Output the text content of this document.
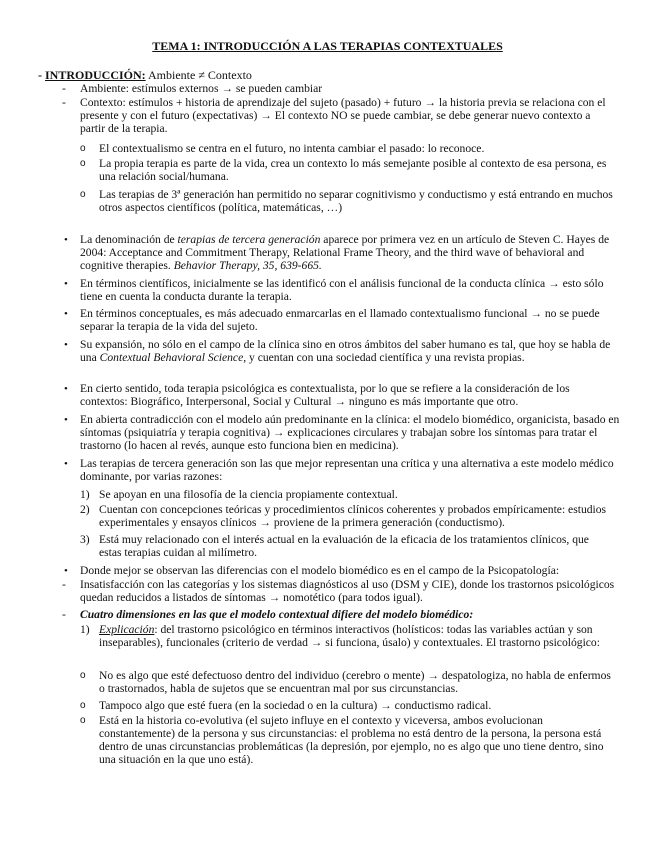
TEMA 1: INTRODUCCIÓN A LAS TERAPIAS CONTEXTUALES
- INTRODUCCIÓN: Ambiente ≠ Contexto
- Ambiente: estímulos externos → se pueden cambiar
- Contexto: estímulos + historia de aprendizaje del sujeto (pasado) + futuro → la historia previa se relaciona con el presente y con el futuro (expectativas) → El contexto NO se puede cambiar, se debe generar nuevo contexto a partir de la terapia.
o El contextualismo se centra en el futuro, no intenta cambiar el pasado: lo reconoce.
o La propia terapia es parte de la vida, crea un contexto lo más semejante posible al contexto de esa persona, es una relación social/humana.
o Las terapias de 3ª generación han permitido no separar cognitivismo y conductismo y está entrando en muchos otros aspectos científicos (política, matemáticas, …)
• La denominación de terapias de tercera generación aparece por primera vez en un artículo de Steven C. Hayes de 2004: Acceptance and Commitment Therapy, Relational Frame Theory, and the third wave of behavioral and cognitive therapies. Behavior Therapy, 35, 639-665.
• En términos científicos, inicialmente se las identificó con el análisis funcional de la conducta clínica → esto sólo tiene en cuenta la conducta durante la terapia.
• En términos conceptuales, es más adecuado enmarcarlas en el llamado contextualismo funcional → no se puede separar la terapia de la vida del sujeto.
• Su expansión, no sólo en el campo de la clínica sino en otros ámbitos del saber humano es tal, que hoy se habla de una Contextual Behavioral Science, y cuentan con una sociedad científica y una revista propias.
• En cierto sentido, toda terapia psicológica es contextualista, por lo que se refiere a la consideración de los contextos: Biográfico, Interpersonal, Social y Cultural → ninguno es más importante que otro.
• En abierta contradicción con el modelo aún predominante en la clínica: el modelo biomédico, organicista, basado en síntomas (psiquiatría y terapia cognitiva) → explicaciones circulares y trabajan sobre los síntomas para tratar el trastorno (lo hacen al revés, aunque esto funciona bien en medicina).
• Las terapias de tercera generación son las que mejor representan una crítica y una alternativa a este modelo médico dominante, por varias razones:
1) Se apoyan en una filosofía de la ciencia propiamente contextual.
2) Cuentan con concepciones teóricas y procedimientos clínicos coherentes y probados empíricamente: estudios experimentales y ensayos clínicos → proviene de la primera generación (conductismo).
3) Está muy relacionado con el interés actual en la evaluación de la eficacia de los tratamientos clínicos, que estas terapias cuidan al milímetro.
• Donde mejor se observan las diferencias con el modelo biomédico es en el campo de la Psicopatología:
- Insatisfacción con las categorías y los sistemas diagnósticos al uso (DSM y CIE), donde los trastornos psicológicos quedan reducidos a listados de síntomas → nomotético (para todos igual).
- Cuatro dimensiones en las que el modelo contextual difiere del modelo biomédico:
1) Explicación: del trastorno psicológico en términos interactivos (holísticos: todas las variables actúan y son inseparables), funcionales (criterio de verdad → si funciona, úsalo) y contextuales. El trastorno psicológico:
o No es algo que esté defectuoso dentro del individuo (cerebro o mente) → despatologiza, no habla de enfermos o trastornados, habla de sujetos que se encuentran mal por sus circunstancias.
o Tampoco algo que esté fuera (en la sociedad o en la cultura) → conductismo radical.
o Está en la historia co-evolutiva (el sujeto influye en el contexto y viceversa, ambos evolucionan constantemente) de la persona y sus circunstancias: el problema no está dentro de la persona, la persona está dentro de unas circunstancias problemáticas (la depresión, por ejemplo, no es algo que uno tiene dentro, sino una situación en la que uno está).
